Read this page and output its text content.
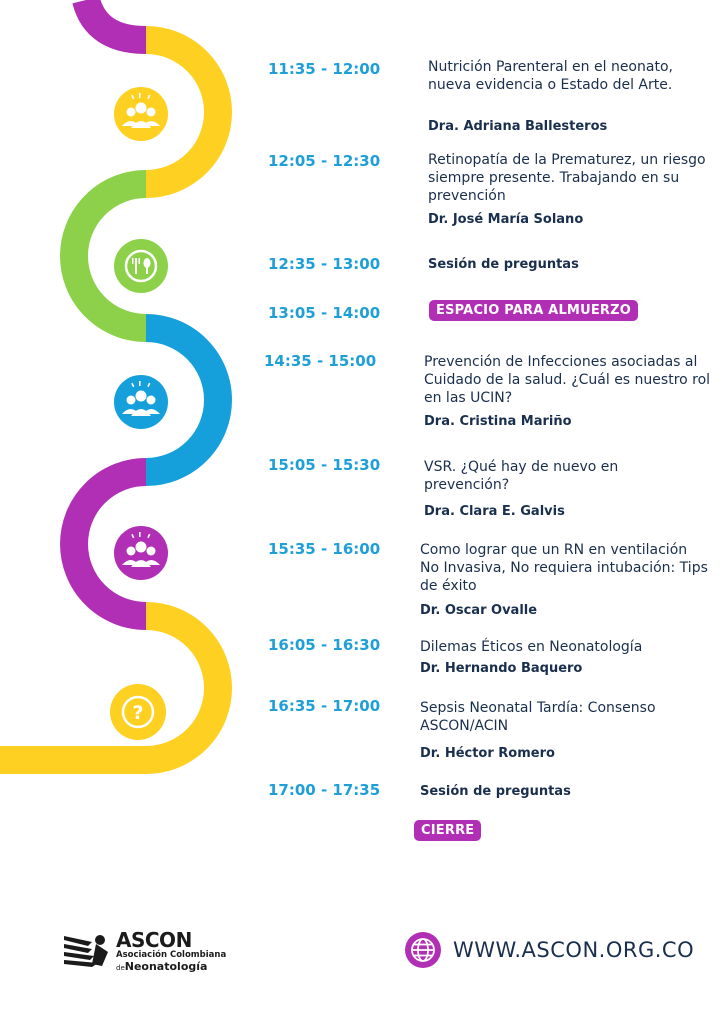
?
11:35 - 12:00	Nutrición Parenteral en el neonato, nueva evidencia o Estado del Arte.
Dra. Adriana Ballesteros
12:05 - 12:30	Retinopatía de la Prematurez, un riesgo siempre presente. Trabajando en su prevención
Dr. José María Solano
12:35 - 13:00	Sesión de preguntas
13:05 - 14:00	ESPACIO PARA ALMUERZO
14:35 - 15:00	Prevención de Infecciones asociadas al Cuidado de la salud. ¿Cuál es nuestro rol en las UCIN?
Dra. Cristina Mariño
15:05 - 15:30	VSR. ¿Qué hay de nuevo en prevención?
Dra. Clara E. Galvis
15:35 - 16:00	Como lograr que un RN en ventilación No Invasiva, No requiera intubación: Tips de éxito
Dr. Oscar Ovalle
16:05 - 16:30	Dilemas Éticos en Neonatología
Dr. Hernando Baquero
16:35 - 17:00	Sepsis Neonatal Tardía: Consenso ASCON/ACIN
Dr. Héctor Romero
17:00 - 17:35	Sesión de preguntas
CIERRE
ASCON
Asociación Colombiana
deNeonatología
WWW.ASCON.ORG.CO
